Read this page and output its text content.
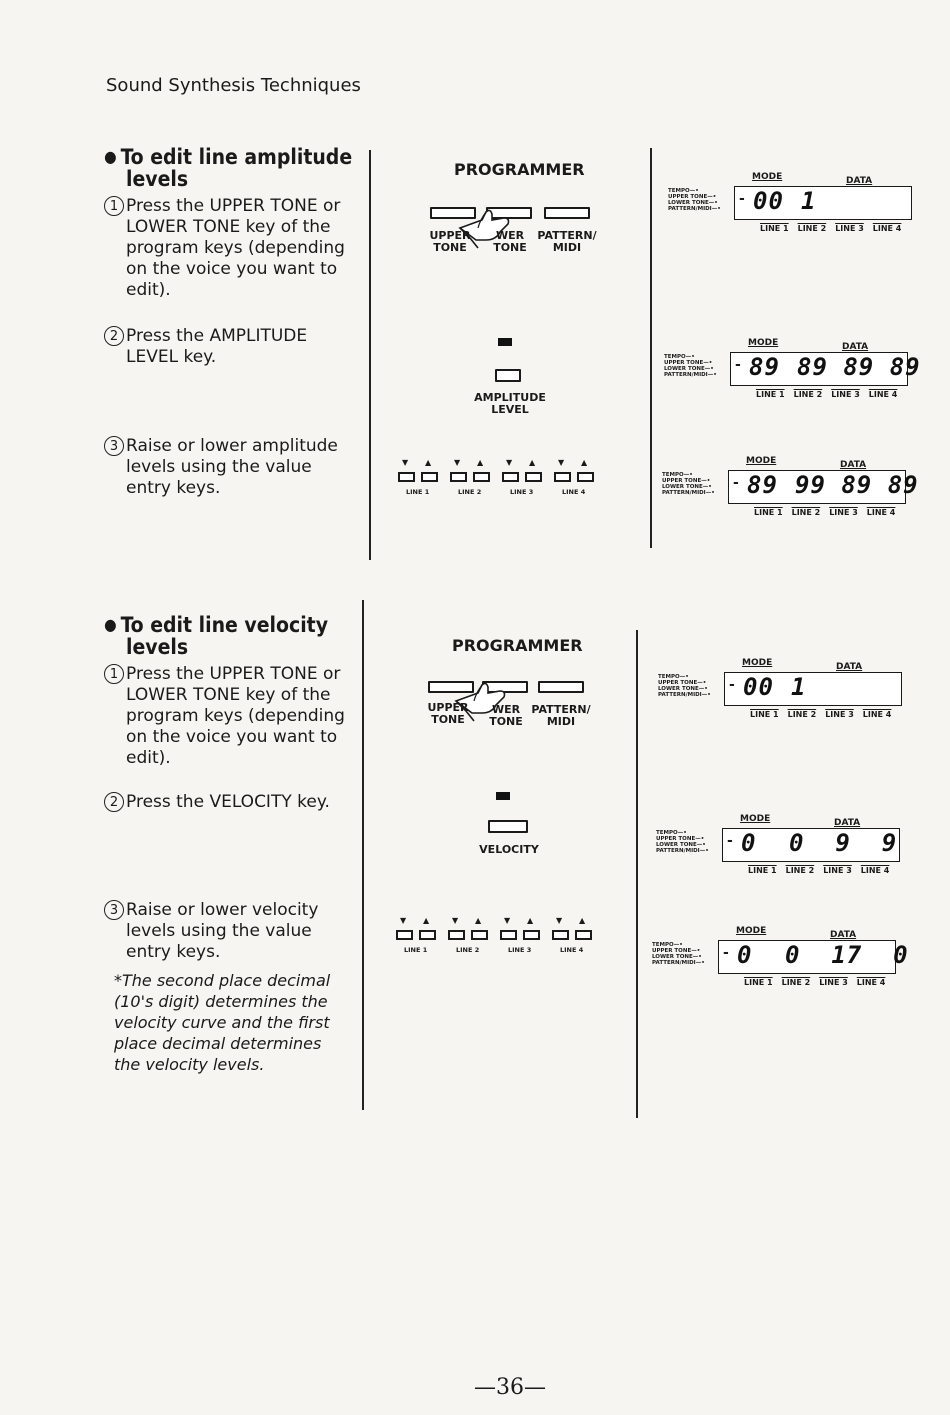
Sound Synthesis Techniques
● To edit line amplitude
levels
1 Press the UPPER TONE or
LOWER TONE key of the
program keys (depending
on the voice you want to
edit).
2 Press the AMPLITUDE
LEVEL key.
3 Raise or lower amplitude
levels using the value
entry keys.
● To edit line velocity
levels
1 Press the UPPER TONE or
LOWER TONE key of the
program keys (depending
on the voice you want to
edit).
2 Press the VELOCITY key.
3 Raise or lower velocity
levels using the value
entry keys.
*The second place decimal
(10's digit) determines the
velocity curve and the first
place decimal determines
the velocity levels.
PROGRAMMER
UPPER
TONE
WER
TONE
PATTERN/
MIDI
AMPLITUDE
LEVEL
▼ ▲
LINE 1
▼ ▲
LINE 2
▼ ▲
LINE 3
▼ ▲
LINE 4
PROGRAMMER
UPPER
TONE
WER
TONE
PATTERN/
MIDI
VELOCITY
▼ ▲
LINE 1
▼ ▲
LINE 2
▼ ▲
LINE 3
▼ ▲
LINE 4
MODE	DATA
TEMPO —•
UPPER TONE —•
LOWER TONE —•
PATTERN/MIDI —•
- 00 1
LINE 1 LINE 2 LINE 3 LINE 4
MODE	DATA
TEMPO —•
UPPER TONE —•
LOWER TONE —•
PATTERN/MIDI —•
- 89 89 89 89
LINE 1 LINE 2 LINE 3 LINE 4
MODE	DATA
TEMPO —•
UPPER TONE —•
LOWER TONE —•
PATTERN/MIDI —•
- 89 99 89 89
LINE 1 LINE 2 LINE 3 LINE 4
MODE	DATA
TEMPO —•
UPPER TONE —•
LOWER TONE —•
PATTERN/MIDI —•
- 00 1
LINE 1 LINE 2 LINE 3 LINE 4
MODE	DATA
TEMPO —•
UPPER TONE —•
LOWER TONE —•
PATTERN/MIDI —•
- 0 0  9  9
LINE 1 LINE 2 LINE 3 LINE 4
MODE	DATA
TEMPO —•
UPPER TONE —•
LOWER TONE —•
PATTERN/MIDI —•
- 0 0  17  0
LINE 1 LINE 2 LINE 3 LINE 4
—36—
